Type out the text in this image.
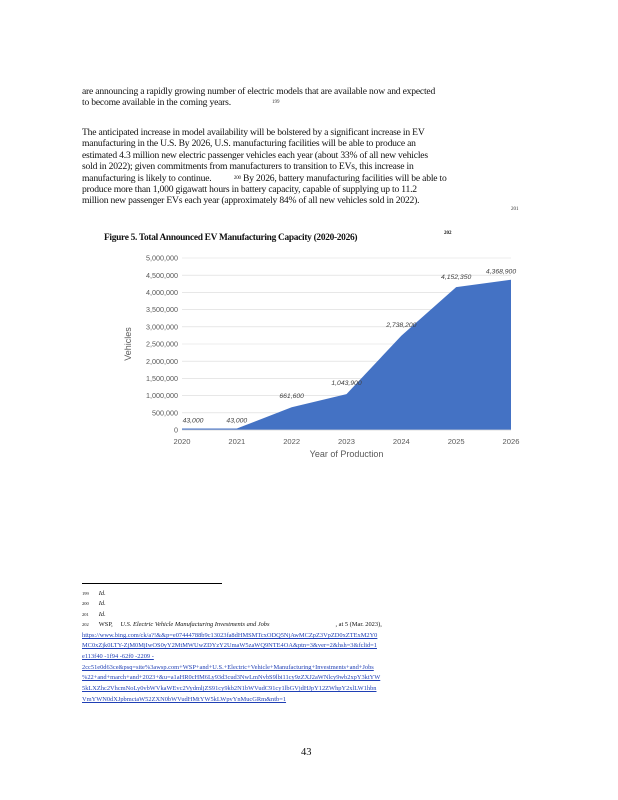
are announcing a rapidly growing number of electric models that are available now and expected
to become available in the coming years.	199
The anticipated increase in model availability will be bolstered by a significant increase in EV
manufacturing in the U.S. By 2026, U.S. manufacturing facilities will be able to produce an
estimated 4.3 million new electric passenger vehicles each year (about 33% of all new vehicles
sold in 2022); given commitments from manufacturers to transition to EVs, this increase in
manufacturing is likely to continue.	$^{200}$ By 2026, battery manufacturing facilities will be able to
produce more than 1,000 gigawatt hours in battery capacity, capable of supplying up to 11.2
million new passenger EVs each year (approximately 84% of all new vehicles sold in 2022).
201
Figure 5. Total Announced EV Manufacturing Capacity (2020-2026)	202
0
500,000
1,000,000
1,500,000
2,000,000
2,500,000
3,000,000
3,500,000
4,000,000
4,500,000
5,000,000
2020	2021	2022	2023	2024	2025	2026
43,000	43,000
661,600
1,043,900
2,738,200
4,152,350
4,368,900
Year of Production
Vehicles
$^{199}$ Id.
$^{200}$ Id.
$^{201}$ Id.
$^{202}$ WSP, U.S. Electric Vehicle Manufacturing Investments and Jobs	, at 5 (Mar. 2023),
https://www.bing.com/ck/a?!&&p=e07444788b9c13023fa8dHMSMTcxODQ5NjAwMCZpZ3VpZD0xZTExM2Y0
MC0xZjk0LTY-ZjM0MjIwOS0yY2MtMWUwZDYzY2UmaW5zaWQ9NTE4OA&ptn=3&ver=2&hsh=3&fclid=1
e113f40 -1f94 -62f0 -2209 -
2cc51e0d63ce&psq=site%3awsp.com+WSP+and+U.S.+Electric+Vehicle+Manufacturing+Investments+and+Jobs
%22+and+march+and+2023+&u=a1aHR0cHM6Ly93d3cud3NwLmNvbS9lbi11cy9zZXJ2aWNlcy9wb2xpY3ktYW
5kLXZhc2VhcmNoLy0vbWVkaWEvc2VydmljZS91cy9kb2N1bWVudC91cy1lbGVjdHJpY12ZWhpY2xlLW1hbn
VmYWN0dXJpbmctaW52ZXN0bWVudHMtYW5kLWpvYnMucGRm&ntb=1
43
